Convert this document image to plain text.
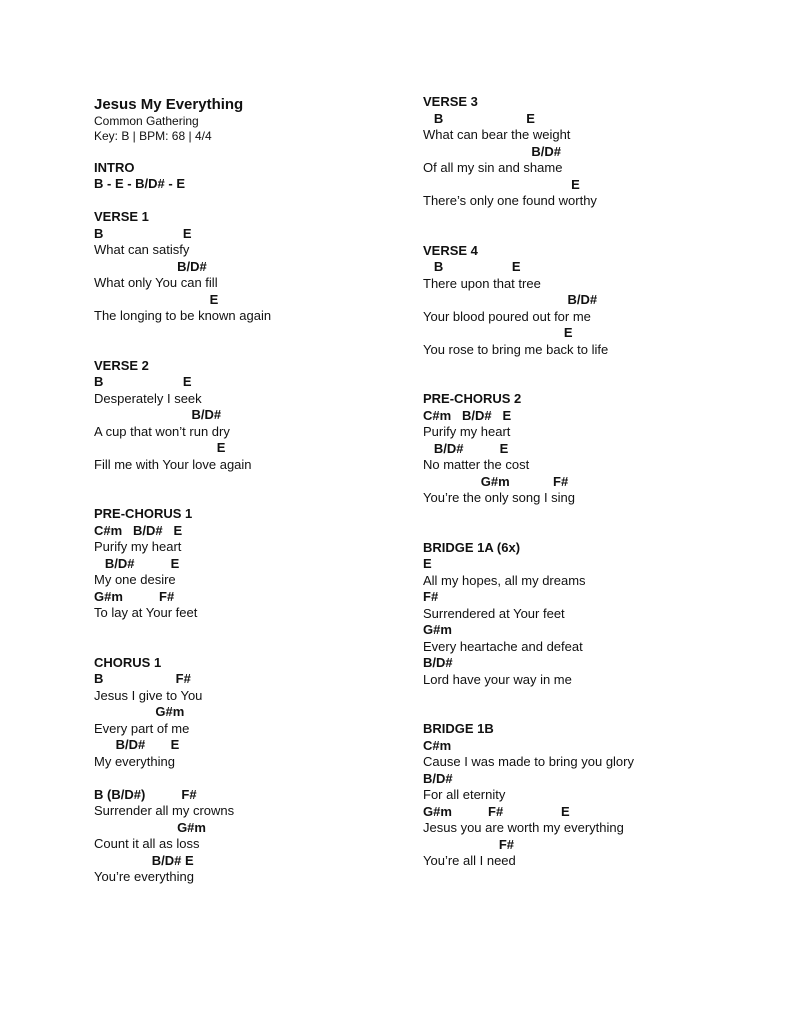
Jesus My Everything
Common Gathering
Key: B | BPM: 68 | 4/4
INTRO
B - E - B/D# - E
VERSE 1
B                      E
What can satisfy
B/D#
What only You can fill
E
The longing to be known again
VERSE 2
B                      E
Desperately I seek
B/D#
A cup that won’t run dry
E
Fill me with Your love again
PRE-CHORUS 1
C#m   B/D#   E
Purify my heart
B/D#          E
My one desire
G#m          F#
To lay at Your feet
CHORUS 1
B                    F#
Jesus I give to You
G#m
Every part of me
B/D#       E
My everything
B (B/D#)          F#
Surrender all my crowns
G#m
Count it all as loss
B/D# E
You’re everything
VERSE 3
B                       E
What can bear the weight
B/D#
Of all my sin and shame
E
There’s only one found worthy
VERSE 4
B                   E
There upon that tree
B/D#
Your blood poured out for me
E
You rose to bring me back to life
PRE-CHORUS 2
C#m   B/D#   E
Purify my heart
B/D#          E
No matter the cost
G#m            F#
You’re the only song I sing
BRIDGE 1A (6x)
E
All my hopes, all my dreams
F#
Surrendered at Your feet
G#m
Every heartache and defeat
B/D#
Lord have your way in me
BRIDGE 1B
C#m
Cause I was made to bring you glory
B/D#
For all eternity
G#m          F#                E
Jesus you are worth my everything
F#
You’re all I need
